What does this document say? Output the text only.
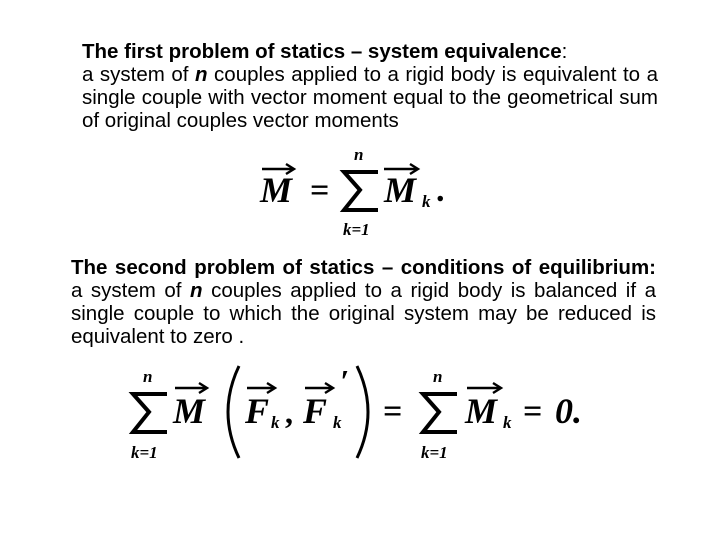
The first problem of statics – system equivalence:
a system of n couples applied to a rigid body is equivalent to a single couple with vector moment equal to the geometrical sum of original couples vector moments

M =
n
k=1
M k .

The second problem of statics – conditions of equilibrium: a system of n couples applied to a rigid body is balanced if a single couple to which the original system may be reduced is equivalent to zero .

n
k=1
M F k , F k
′
=
n
k=1
M k = 0.
